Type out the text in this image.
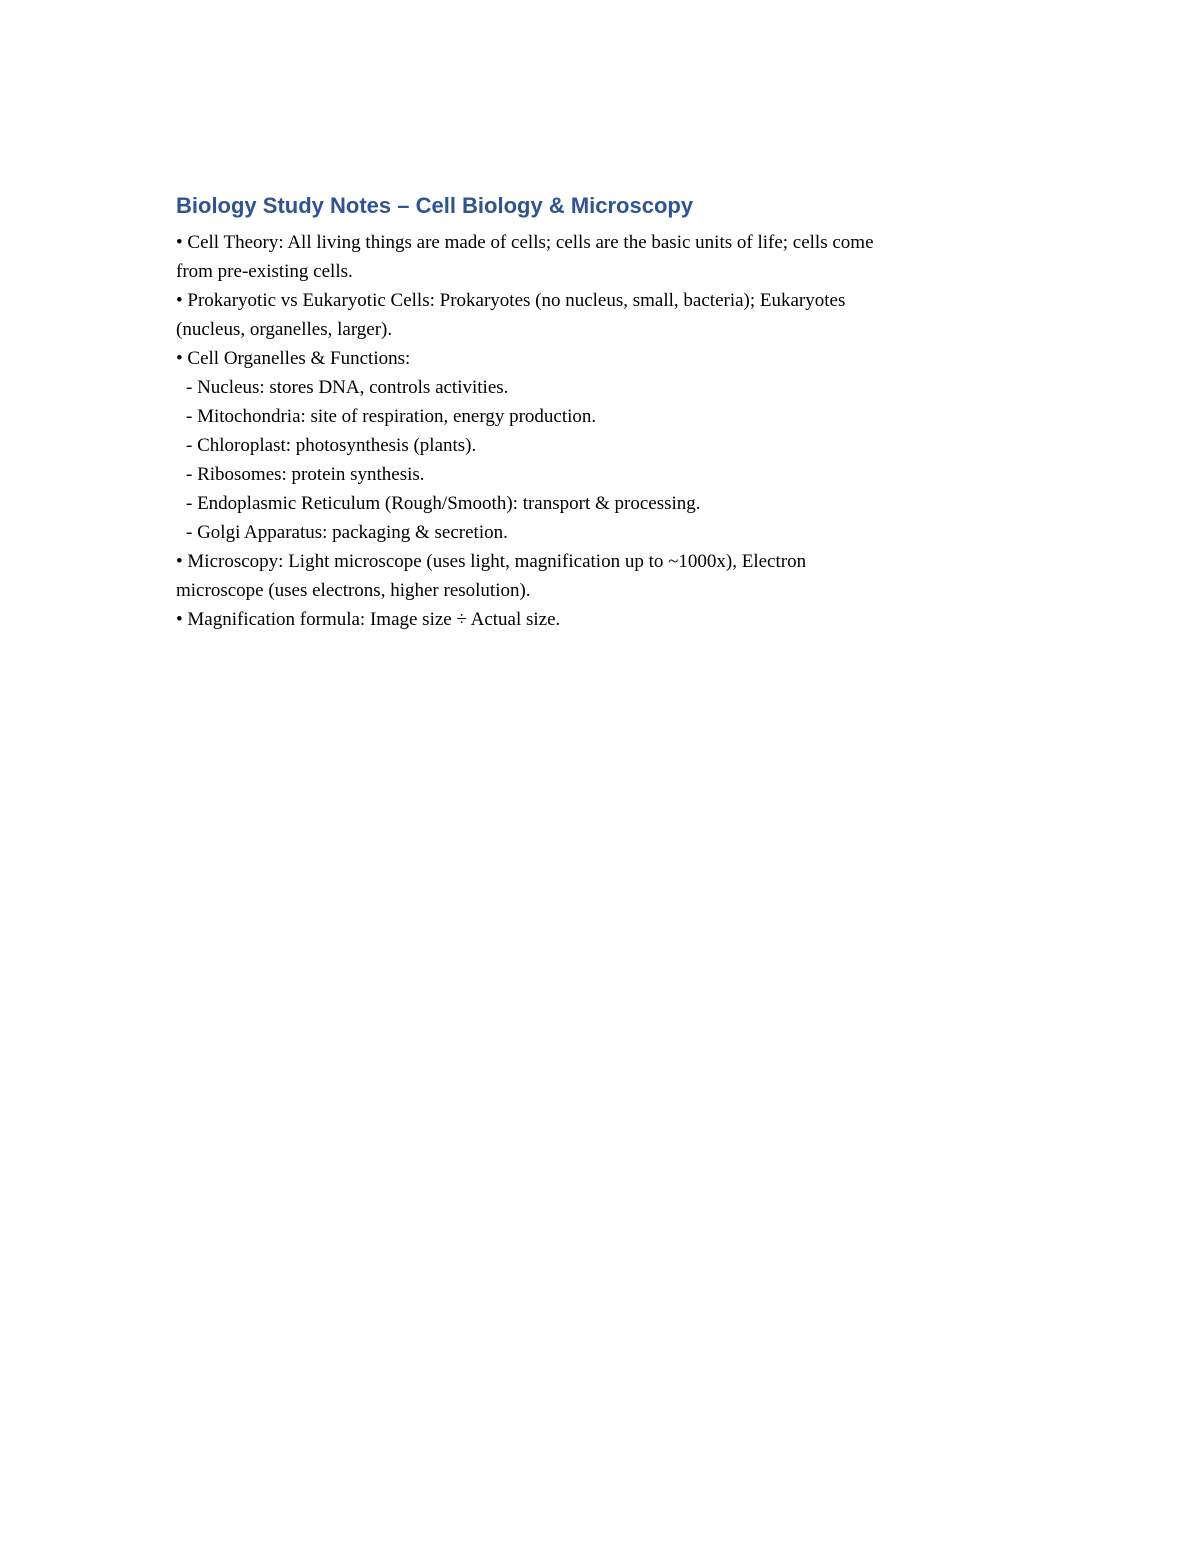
Biology Study Notes – Cell Biology & Microscopy

• Cell Theory: All living things are made of cells; cells are the basic units of life; cells come

from pre-existing cells.

• Prokaryotic vs Eukaryotic Cells: Prokaryotes (no nucleus, small, bacteria); Eukaryotes

(nucleus, organelles, larger).

• Cell Organelles & Functions:

- Nucleus: stores DNA, controls activities.

- Mitochondria: site of respiration, energy production.

- Chloroplast: photosynthesis (plants).

- Ribosomes: protein synthesis.

- Endoplasmic Reticulum (Rough/Smooth): transport & processing.

- Golgi Apparatus: packaging & secretion.

• Microscopy: Light microscope (uses light, magnification up to ~1000x), Electron

microscope (uses electrons, higher resolution).

• Magnification formula: Image size ÷ Actual size.
